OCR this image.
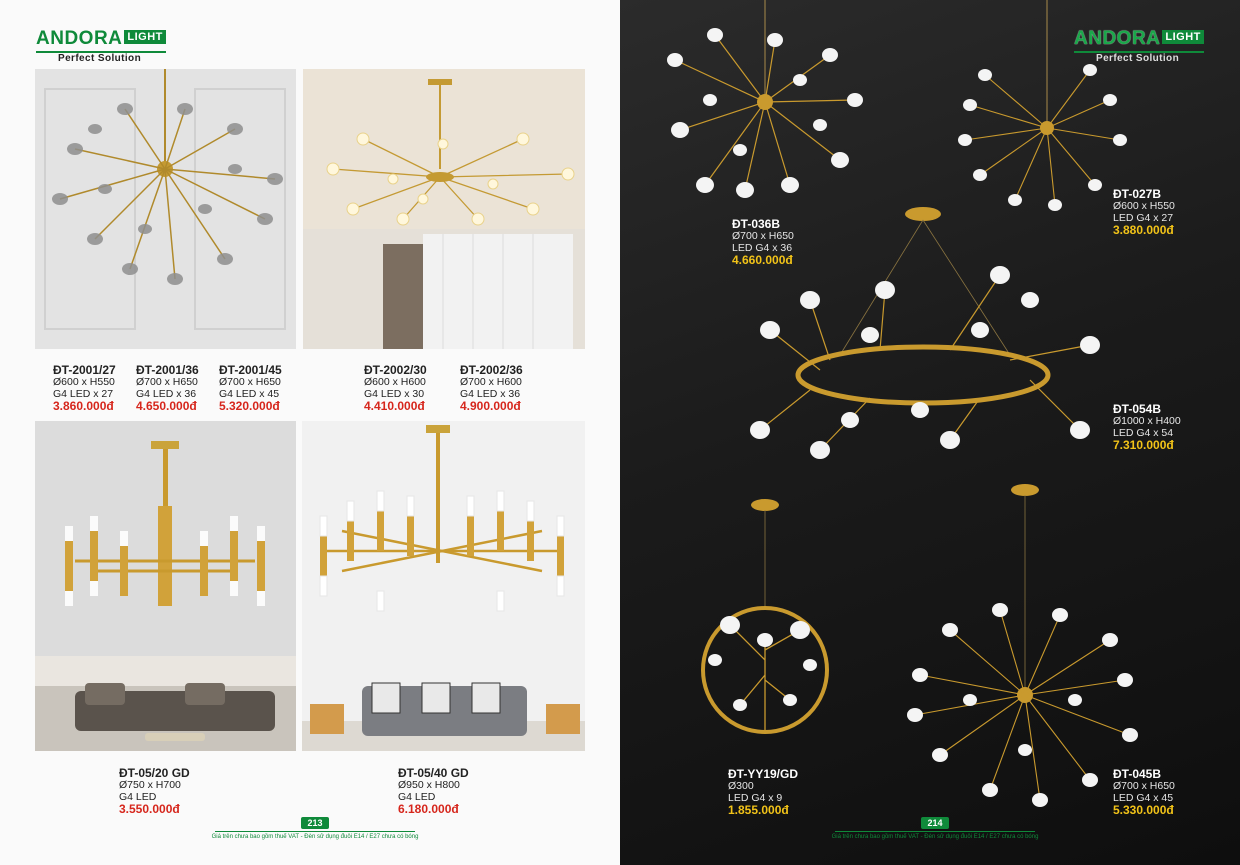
ANDORA LIGHT
Perfect Solution
ĐT-2001/27
Ø600 x H550
G4 LED x 27
3.860.000đ
ĐT-2001/36
Ø700 x H650
G4 LED x 36
4.650.000đ
ĐT-2001/45
Ø700 x H650
G4 LED x 45
5.320.000đ
ĐT-2002/30
Ø600 x H600
G4 LED x 30
4.410.000đ
ĐT-2002/36
Ø700 x H600
G4 LED x 36
4.900.000đ
ĐT-05/20 GD
Ø750 x H700
G4 LED
3.550.000đ
ĐT-05/40 GD
Ø950 x H800
G4 LED
6.180.000đ
213
Giá trên chưa bao gồm thuế VAT - Đèn sử dụng đuôi E14 / E27 chưa có bóng
ANDORA LIGHT
Perfect Solution
ĐT-036B
Ø700 x H650
LED G4 x 36
4.660.000đ
ĐT-027B
Ø600 x H550
LED G4 x 27
3.880.000đ
ĐT-054B
Ø1000 x H400
LED G4 x 54
7.310.000đ
ĐT-YY19/GD
Ø300
LED G4 x 9
1.855.000đ
ĐT-045B
Ø700 x H650
LED G4 x 45
5.330.000đ
214
Giá trên chưa bao gồm thuế VAT - Đèn sử dụng đuôi E14 / E27 chưa có bóng
